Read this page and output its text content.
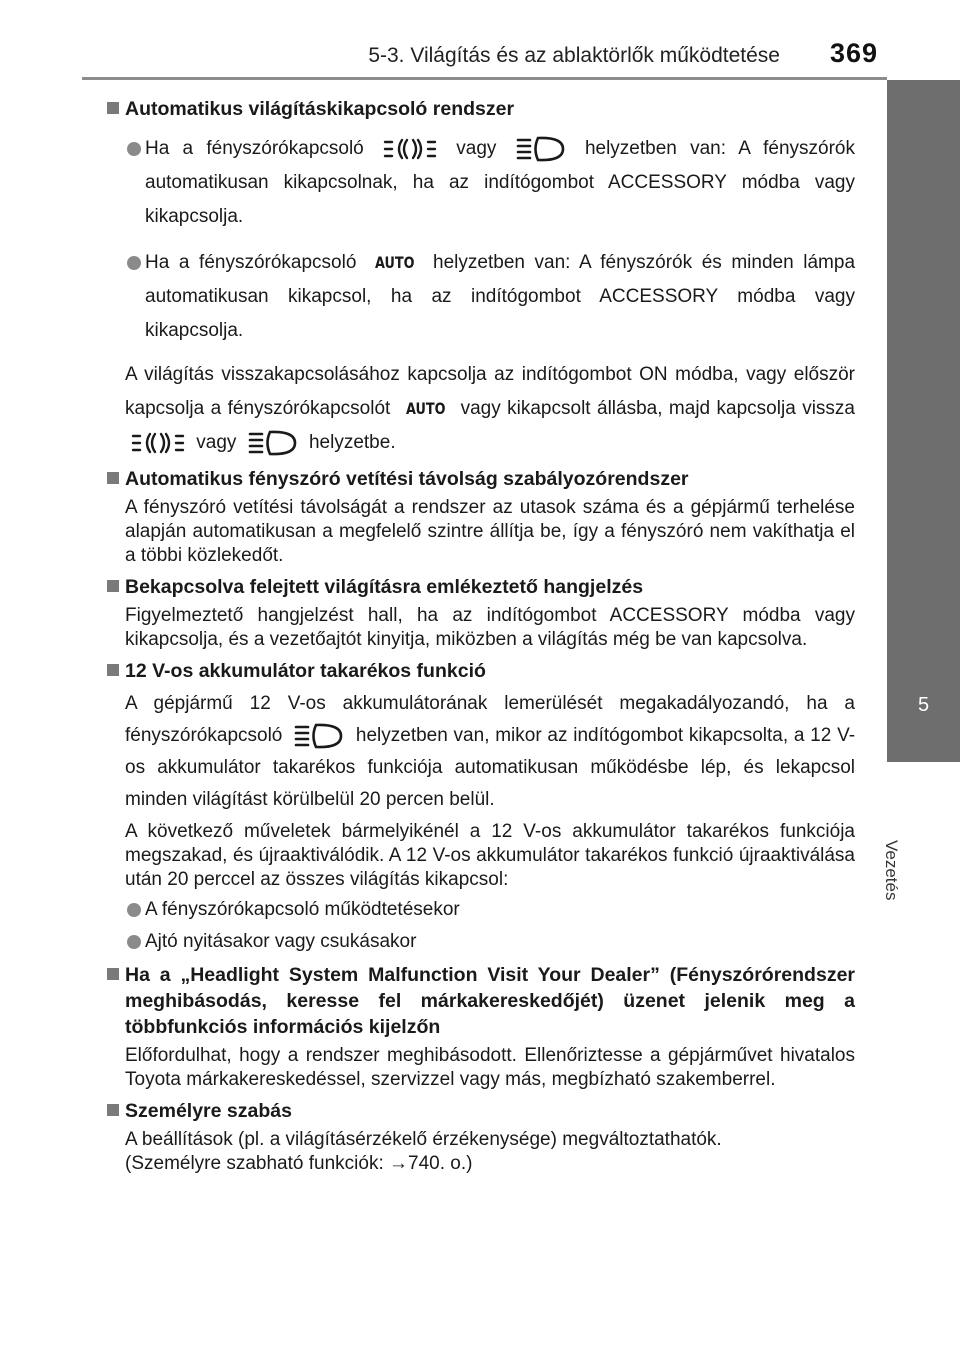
5-3. Világítás és az ablaktörlők működtetése 369
5
Vezetés
Automatikus világításkikapcsoló rendszer
Ha a fényszórókapcsoló	vagy	helyzetben van: A fényszórók automatikusan kikapcsolnak, ha az indítógombot ACCESSORY módba vagy kikapcsolja.
Ha a fényszórókapcsoló AUTO helyzetben van: A fényszórók és minden lámpa automatikusan kikapcsol, ha az indítógombot ACCESSORY módba vagy kikapcsolja.
A világítás visszakapcsolásához kapcsolja az indítógombot ON módba, vagy először kapcsolja a fényszórókapcsolót AUTO vagy kikapcsolt állásba, majd kapcsolja vissza  vagy	helyzetbe.
Automatikus fényszóró vetítési távolság szabályozórendszer
A fényszóró vetítési távolságát a rendszer az utasok száma és a gépjármű terhelése alapján automatikusan a megfelelő szintre állítja be, így a fényszóró nem vakíthatja el a többi közlekedőt.
Bekapcsolva felejtett világításra emlékeztető hangjelzés
Figyelmeztető hangjelzést hall, ha az indítógombot ACCESSORY módba vagy kikapcsolja, és a vezetőajtót kinyitja, miközben a világítás még be van kapcsolva.
12 V-os akkumulátor takarékos funkció
A gépjármű 12 V-os akkumulátorának lemerülését megakadályozandó, ha a fényszórókapcsoló	helyzetben van, mikor az indítógombot kikapcsolta, a 12 V-os akkumulátor takarékos funkciója automatikusan működésbe lép, és lekapcsol minden világítást körülbelül 20 percen belül.
A következő műveletek bármelyikénél a 12 V-os akkumulátor takarékos funkciója megszakad, és újraaktiválódik. A 12 V-os akkumulátor takarékos funkció újraaktiválása után 20 perccel az összes világítás kikapcsol:
A fényszórókapcsoló működtetésekor
Ajtó nyitásakor vagy csukásakor
Ha a „Headlight System Malfunction Visit Your Dealer” (Fényszórórendszer meghibásodás, keresse fel márkakereskedőjét) üzenet jelenik meg a többfunkciós információs kijelzőn
Előfordulhat, hogy a rendszer meghibásodott. Ellenőriztesse a gépjárművet hivatalos Toyota márkakereskedéssel, szervizzel vagy más, megbízható szakemberrel.
Személyre szabás
A beállítások (pl. a világításérzékelő érzékenysége) megváltoztathatók.
(Személyre szabható funkciók: →740. o.)
